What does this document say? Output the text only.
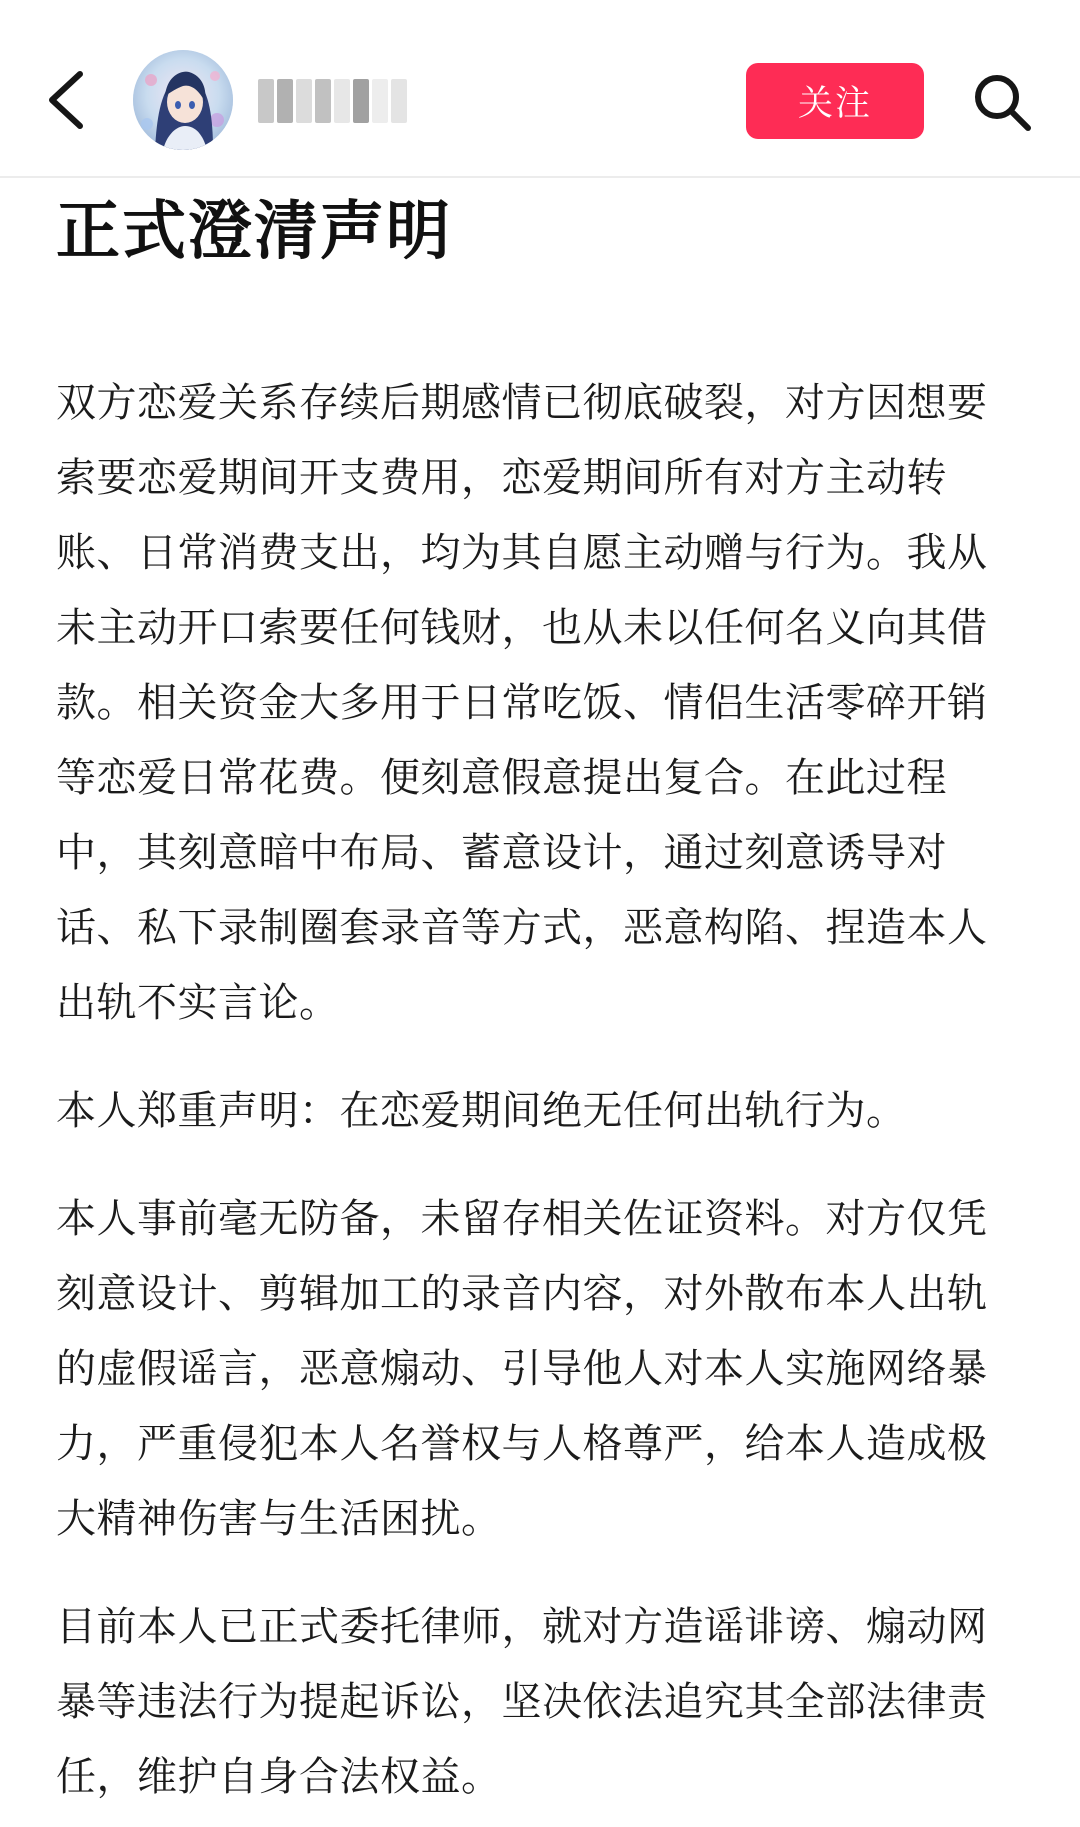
关注
正式澄清声明

双方恋爱关系存续后期感情已彻底破裂，对方因想要索要恋爱期间开支费用，恋爱期间所有对方主动转账、日常消费支出，均为其自愿主动赠与行为。我从未主动开口索要任何钱财，也从未以任何名义向其借款。相关资金大多用于日常吃饭、情侣生活零碎开销等恋爱日常花费。便刻意假意提出复合。在此过程中，其刻意暗中布局、蓄意设计，通过刻意诱导对话、私下录制圈套录音等方式，恶意构陷、捏造本人出轨不实言论。

本人郑重声明：在恋爱期间绝无任何出轨行为。

本人事前毫无防备，未留存相关佐证资料。对方仅凭刻意设计、剪辑加工的录音内容，对外散布本人出轨的虚假谣言，恶意煽动、引导他人对本人实施网络暴力，严重侵犯本人名誉权与人格尊严，给本人造成极大精神伤害与生活困扰。

目前本人已正式委托律师，就对方造谣诽谤、煽动网暴等违法行为提起诉讼，坚决依法追究其全部法律责任，维护自身合法权益。
